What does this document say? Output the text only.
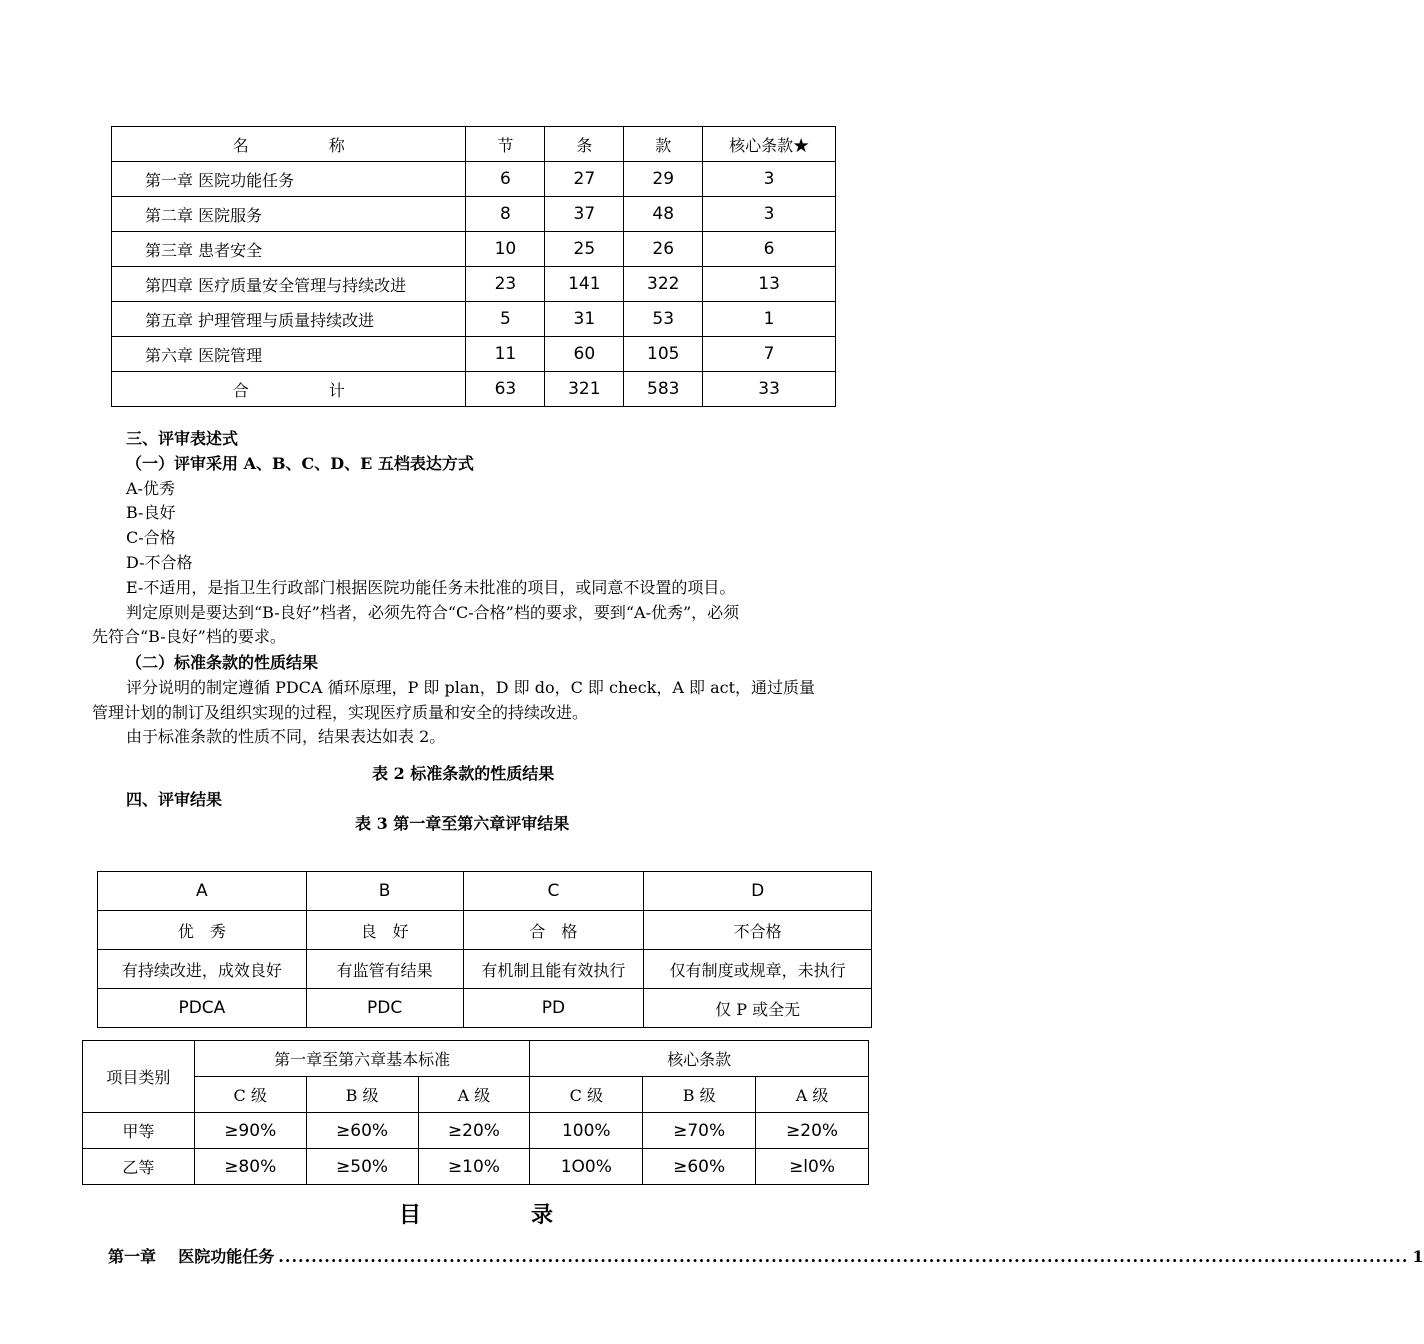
名　　　　　称	节	条	款	核心条款★
第一章 医院功能任务	6	27	29	3
第二章 医院服务	8	37	48	3
第三章 患者安全	10	25	26	6
第四章 医疗质量安全管理与持续改进	23	141	322	13
第五章 护理管理与质量持续改进	5	31	53	1
第六章 医院管理	11	60	105	7
合　　　　　计	63	321	583	33
三、评审表述式
（一）评审采用 A、B、C、D、E 五档表达方式
A-优秀
B-良好
C-合格
D-不合格
E-不适用，是指卫生行政部门根据医院功能任务未批准的项目，或同意不设置的项目。
判定原则是要达到“B-良好”档者，必须先符合“C-合格”档的要求，要到“A-优秀”，必须
先符合“B-良好”档的要求。
（二）标准条款的性质结果
评分说明的制定遵循 PDCA 循环原理，P 即 plan，D 即 do，C 即 check，A 即 act，通过质量
管理计划的制订及组织实现的过程，实现医疗质量和安全的持续改进。
由于标准条款的性质不同，结果表达如表 2。
表 2 标准条款的性质结果
四、评审结果
表 3 第一章至第六章评审结果
A	B	C	D
优　秀	良　好	合　格	不合格
有持续改进，成效良好	有监管有结果	有机制且能有效执行	仅有制度或规章，未执行
PDCA	PDC	PD	仅 P 或全无
项目类别	第一章至第六章基本标准			核心条款		
	C 级	B 级	A 级	C 级	B 级	A 级
甲等	≥90%	≥60%	≥20%	100%	≥70%	≥20%
乙等	≥80%	≥50%	≥10%	1O0%	≥60%	≥l0%
目	录
第一章    医院功能任务 ............................................................................................................................................................................ 1
